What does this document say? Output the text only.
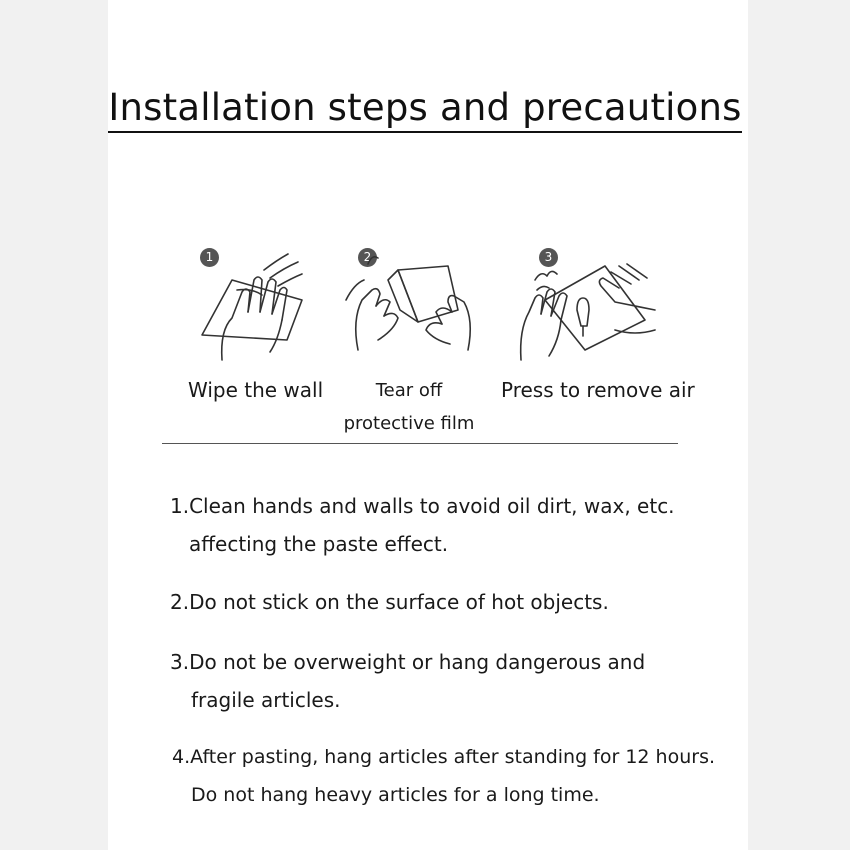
Installation steps and precautions
1
Wipe the wall
2
Tear off
protective film
3
Press to remove air
1.Clean hands and walls to avoid oil dirt, wax, etc.
affecting the paste effect.
2.Do not stick on the surface of hot objects.
3.Do not be overweight or hang dangerous and
fragile articles.
4.After pasting, hang articles after standing for 12 hours.
Do not hang heavy articles for a long time.
